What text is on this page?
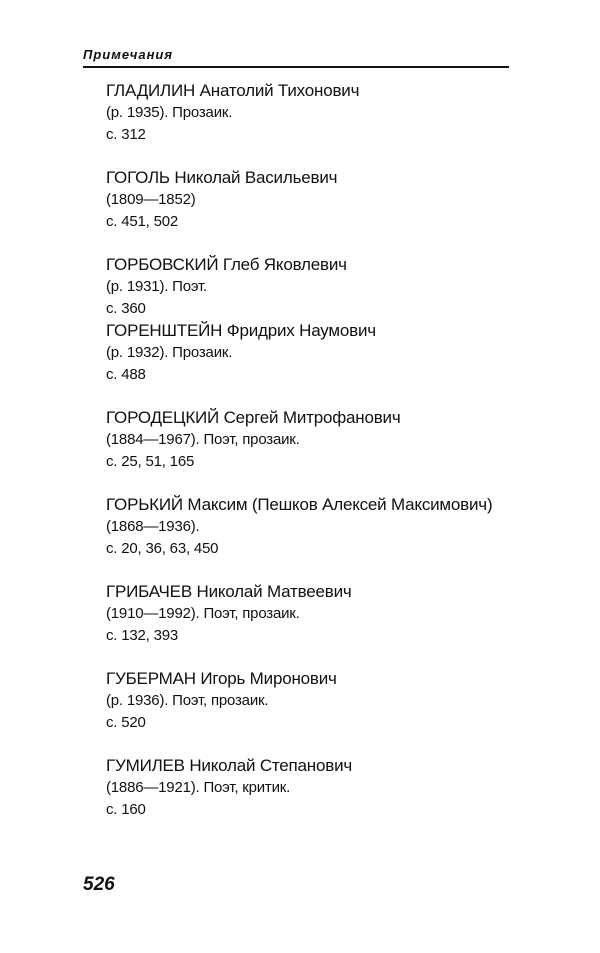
Примечания
ГЛАДИЛИН Анатолий Тихонович
(р. 1935). Прозаик.
с. 312
ГОГОЛЬ Николай Васильевич
(1809—1852)
с. 451, 502
ГОРБОВСКИЙ Глеб Яковлевич
(р. 1931). Поэт.
с. 360
ГОРЕНШТЕЙН Фридрих Наумович
(р. 1932). Прозаик.
с. 488
ГОРОДЕЦКИЙ Сергей Митрофанович
(1884—1967). Поэт, прозаик.
с. 25, 51, 165
ГОРЬКИЙ Максим (Пешков Алексей Максимович)
(1868—1936).
с. 20, 36, 63, 450
ГРИБАЧЕВ Николай Матвеевич
(1910—1992). Поэт, прозаик.
с. 132, 393
ГУБЕРМАН Игорь Миронович
(р. 1936). Поэт, прозаик.
с. 520
ГУМИЛЕВ Николай Степанович
(1886—1921). Поэт, критик.
с. 160
526
